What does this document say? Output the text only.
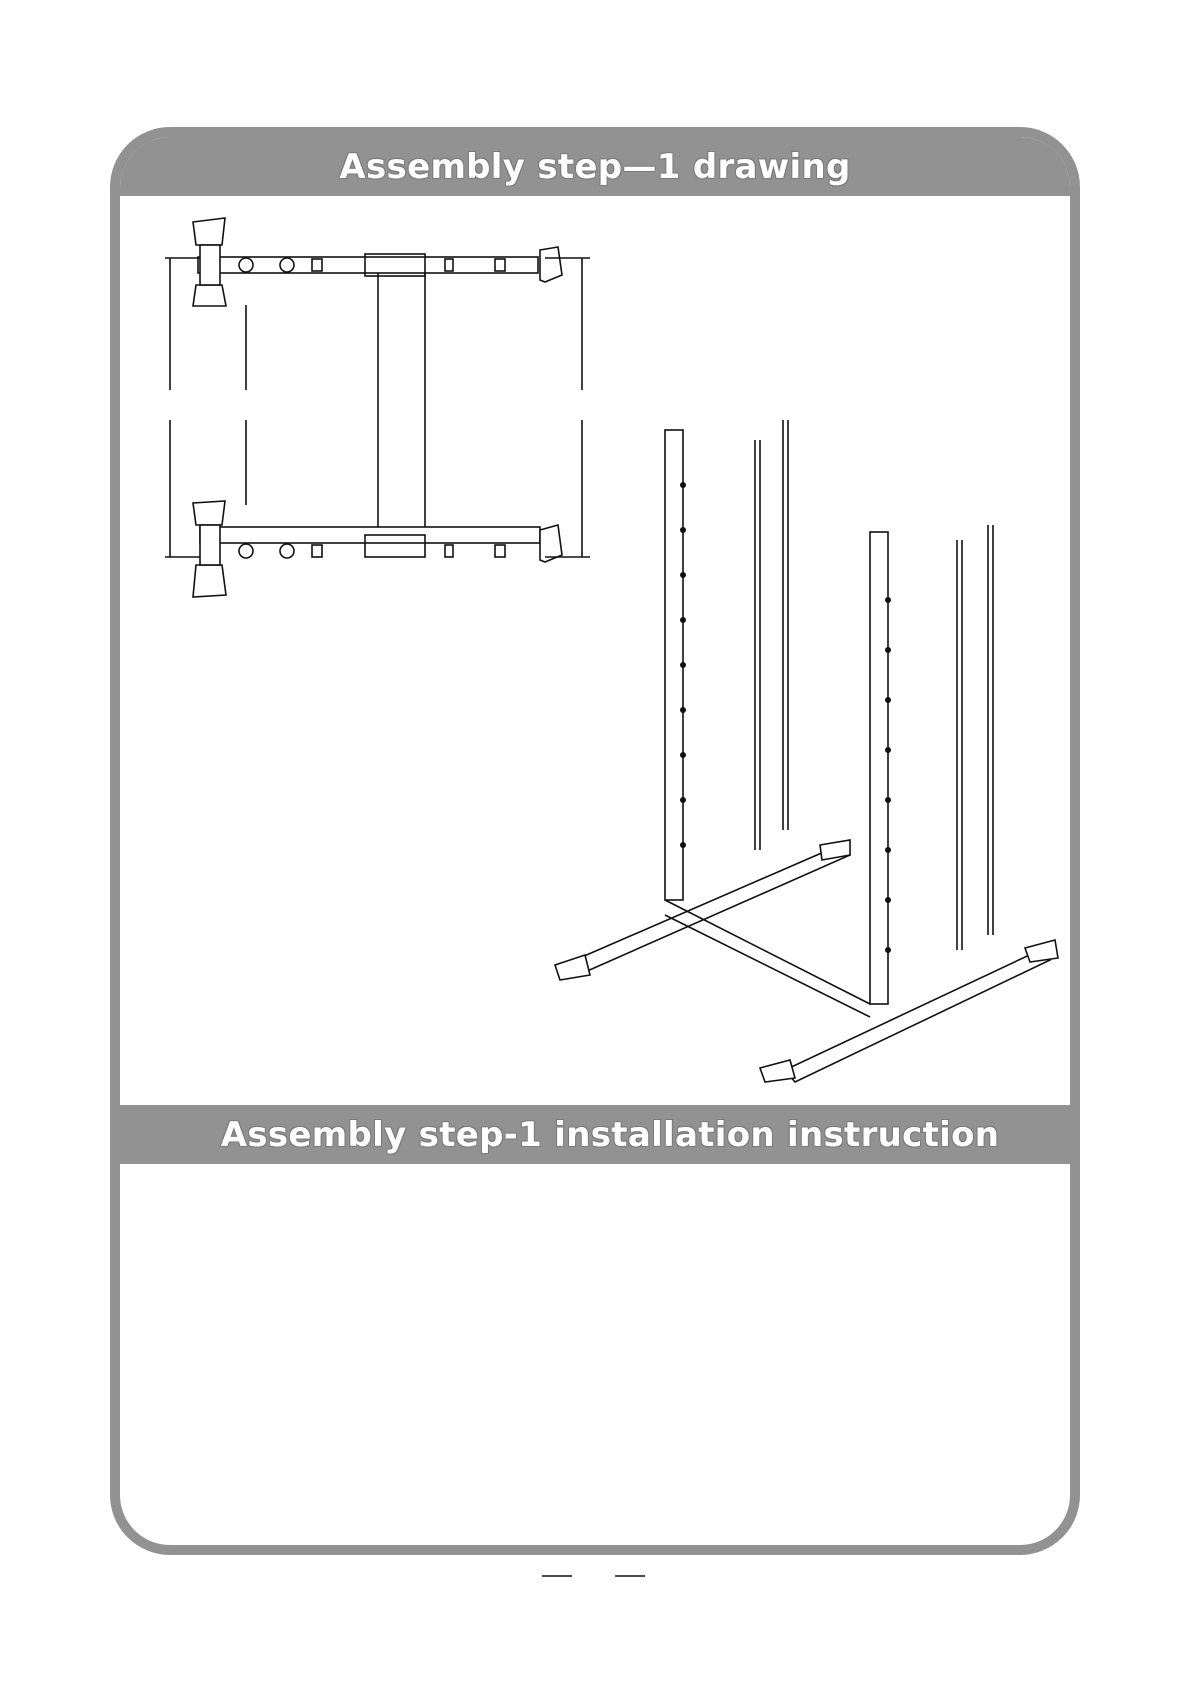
Assembly step—1 drawing
Assembly step-1 installation instruction
